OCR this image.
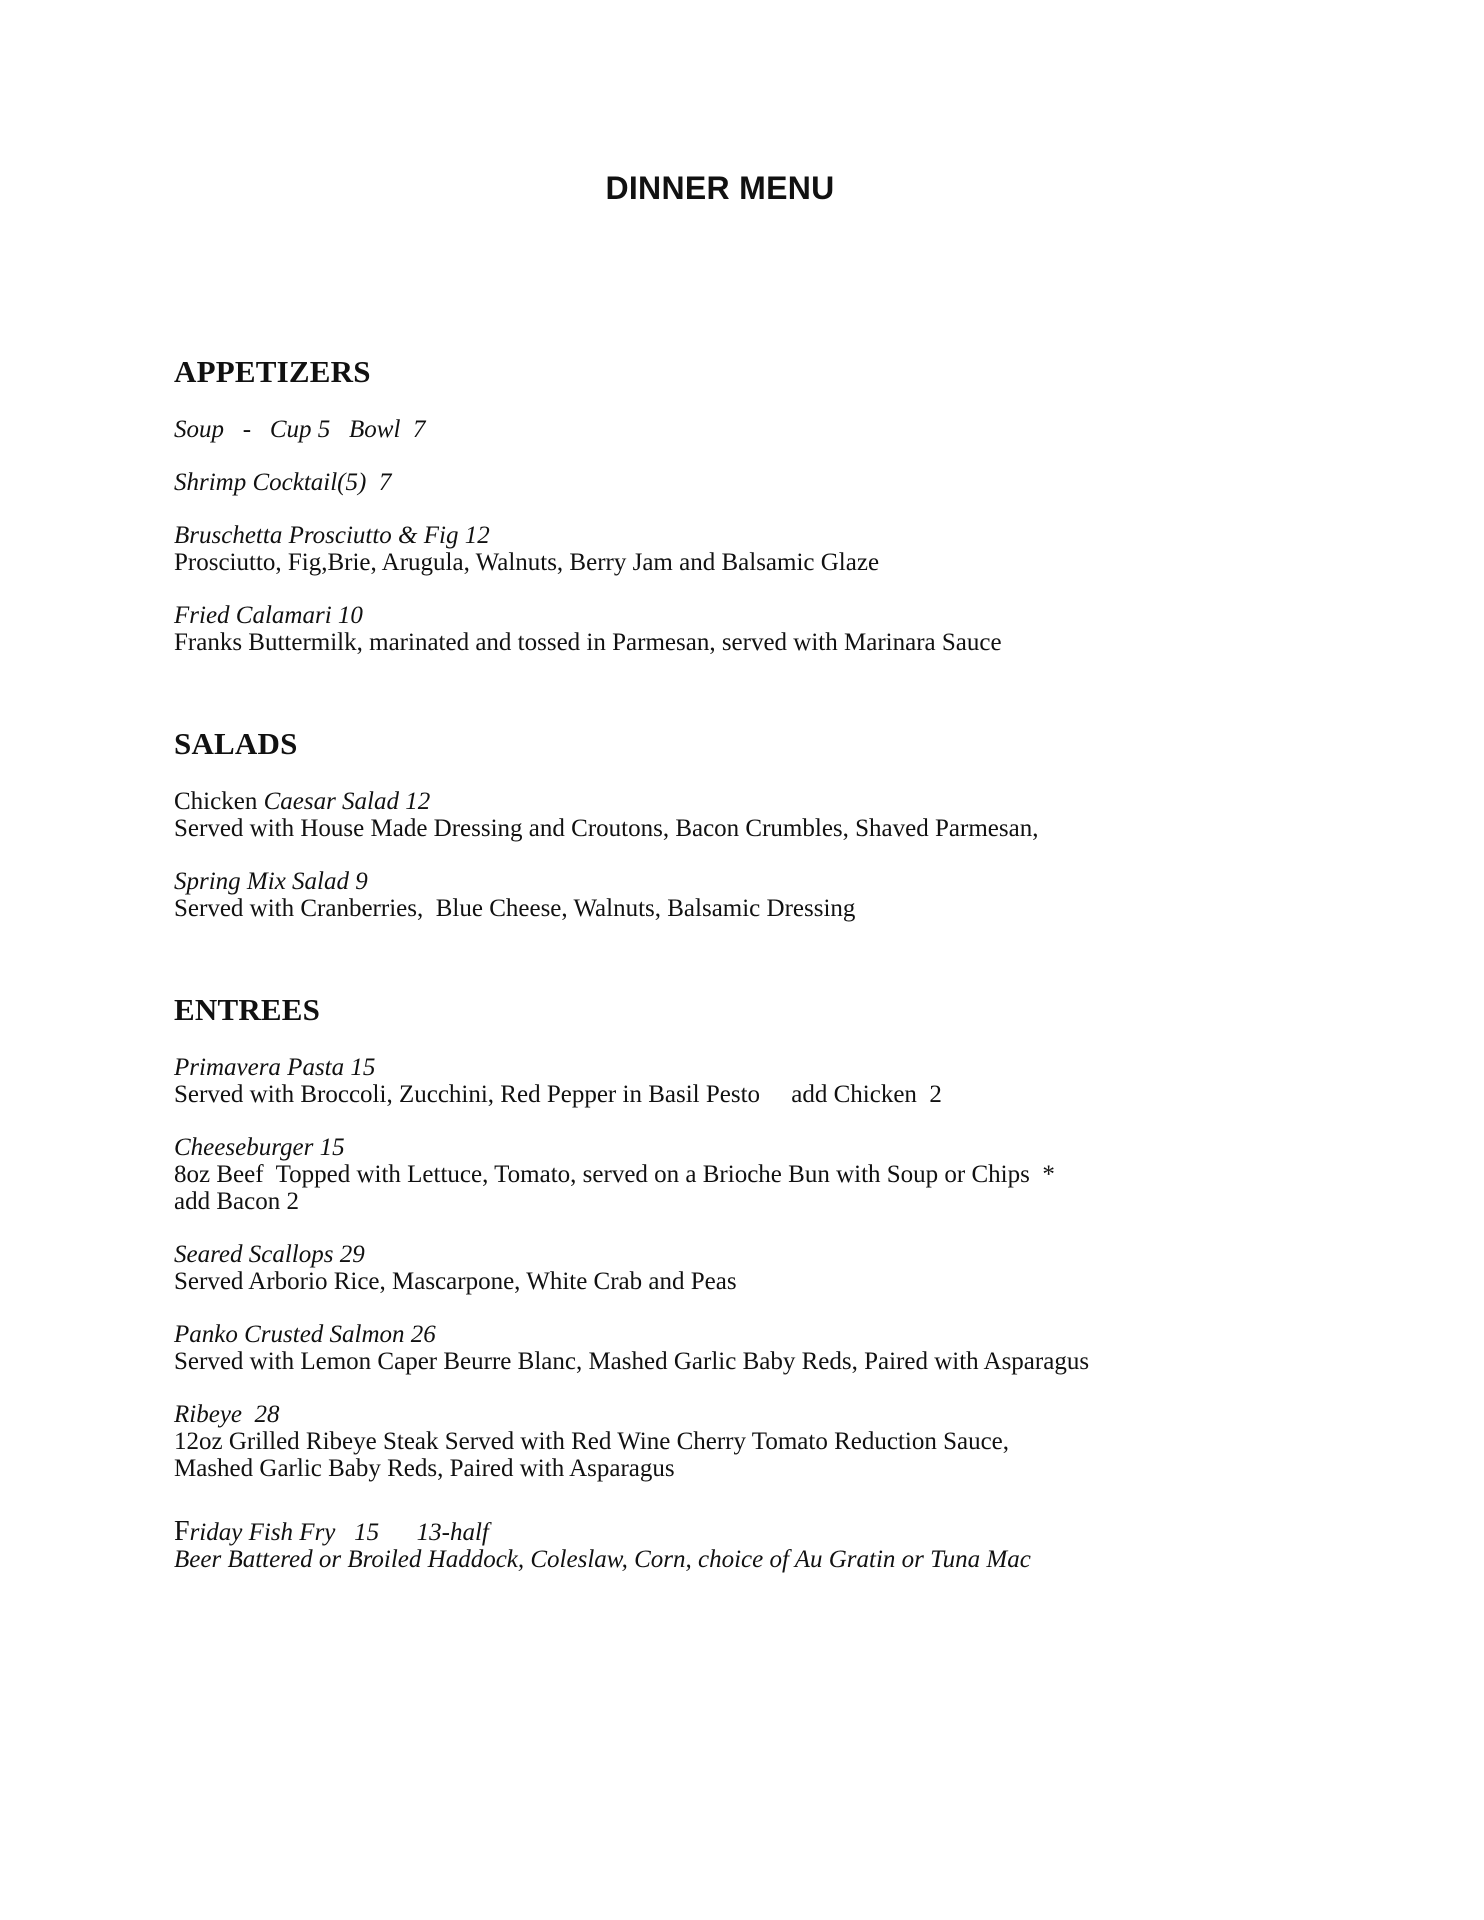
DINNER MENU
APPETIZERS
Soup   -   Cup 5   Bowl  7
Shrimp Cocktail(5)  7
Bruschetta Prosciutto & Fig 12
Prosciutto, Fig,Brie, Arugula, Walnuts, Berry Jam and Balsamic Glaze
Fried Calamari 10
Franks Buttermilk, marinated and tossed in Parmesan, served with Marinara Sauce
SALADS
Chicken Caesar Salad 12
Served with House Made Dressing and Croutons, Bacon Crumbles, Shaved Parmesan,
Spring Mix Salad 9
Served with Cranberries,  Blue Cheese, Walnuts, Balsamic Dressing
ENTREES
Primavera Pasta 15
Served with Broccoli, Zucchini, Red Pepper in Basil Pesto     add Chicken  2
Cheeseburger 15
8oz Beef  Topped with Lettuce, Tomato, served on a Brioche Bun with Soup or Chips  *
add Bacon 2
Seared Scallops 29
Served Arborio Rice, Mascarpone, White Crab and Peas
Panko Crusted Salmon 26
Served with Lemon Caper Beurre Blanc, Mashed Garlic Baby Reds, Paired with Asparagus
Ribeye  28
12oz Grilled Ribeye Steak Served with Red Wine Cherry Tomato Reduction Sauce,
Mashed Garlic Baby Reds, Paired with Asparagus
Friday Fish Fry   15      13-half
Beer Battered or Broiled Haddock, Coleslaw, Corn, choice of Au Gratin or Tuna Mac
